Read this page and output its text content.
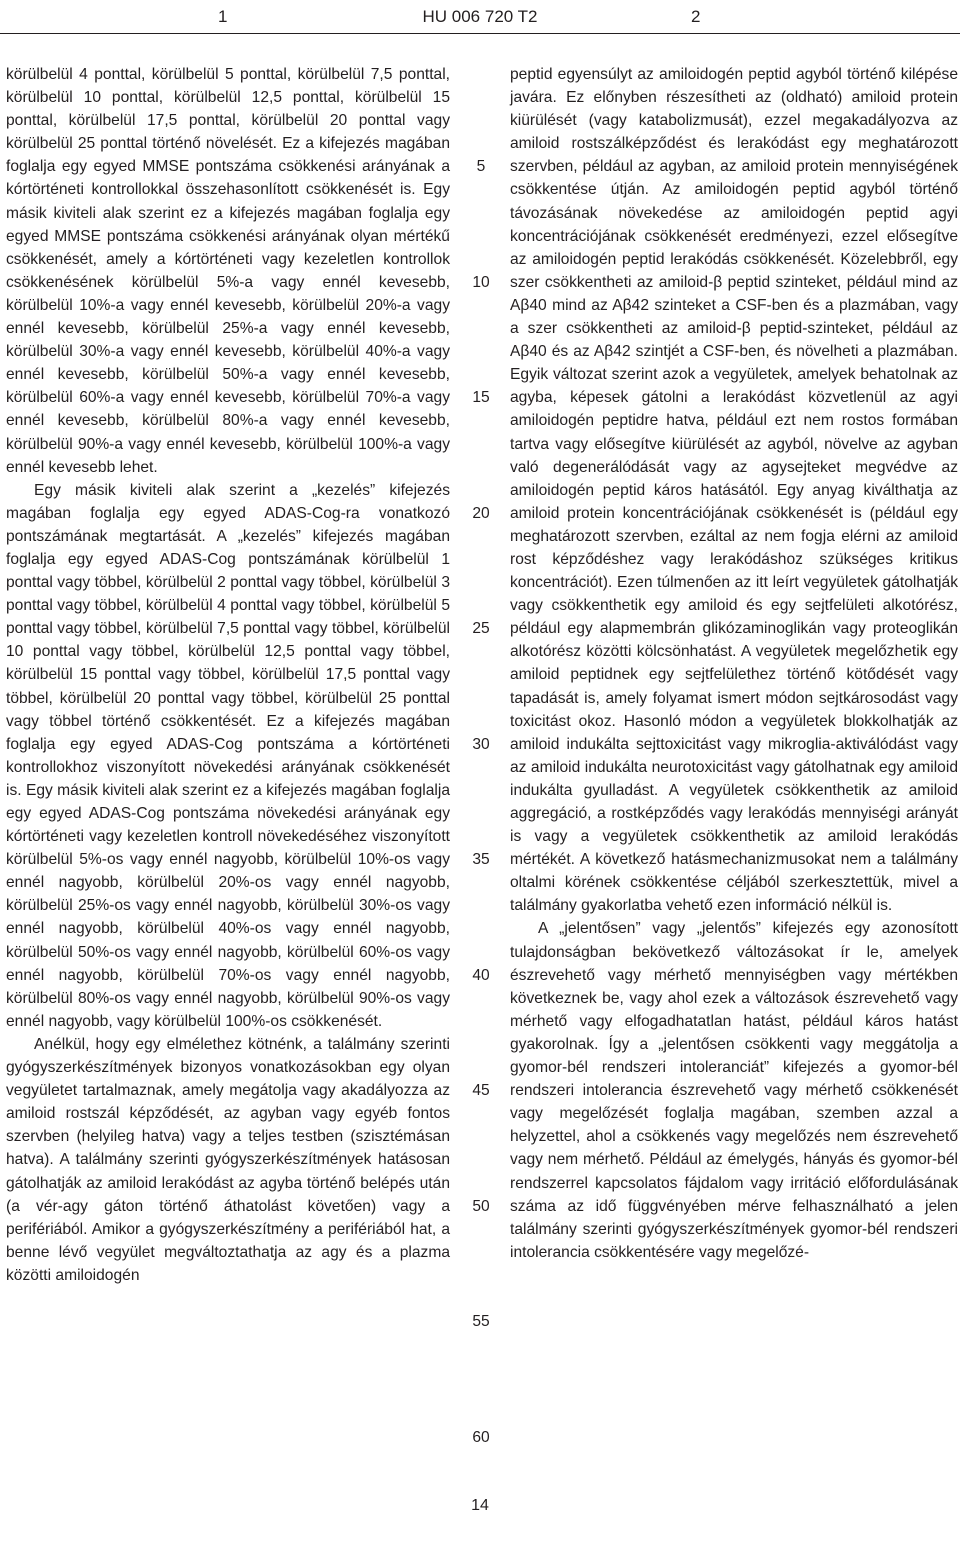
1	HU 006 720 T2	2

körülbelül 4 ponttal, körülbelül 5 ponttal, körülbelül 7,5 ponttal, körülbelül 10 ponttal, körülbelül 12,5 ponttal, körülbelül 15 ponttal, körülbelül 17,5 ponttal, körülbelül 20 ponttal vagy körülbelül 25 ponttal történő növelését. Ez a kifejezés magában foglalja egy egyed MMSE pontszáma csökkenési arányának a kórtörténeti kontrollokkal összehasonlított csökkenését is. Egy másik kiviteli alak szerint ez a kifejezés magában foglalja egy egyed MMSE pontszáma csökkenési arányának olyan mértékű csökkenését, amely a kórtörténeti vagy kezeletlen kontrollok csökkenésének körülbelül 5%-a vagy ennél kevesebb, körülbelül 10%-a vagy ennél kevesebb, körülbelül 20%-a vagy ennél kevesebb, körülbelül 25%-a vagy ennél kevesebb, körülbelül 30%-a vagy ennél kevesebb, körülbelül 40%-a vagy ennél kevesebb, körülbelül 50%-a vagy ennél kevesebb, körülbelül 60%-a vagy ennél kevesebb, körülbelül 70%-a vagy ennél kevesebb, körülbelül 80%-a vagy ennél kevesebb, körülbelül 90%-a vagy ennél kevesebb, körülbelül 100%-a vagy ennél kevesebb lehet.

Egy másik kiviteli alak szerint a „kezelés” kifejezés magában foglalja egy egyed ADAS-Cog-ra vonatkozó pontszámának megtartását. A „kezelés” kifejezés magában foglalja egy egyed ADAS-Cog pontszámának körülbelül 1 ponttal vagy többel, körülbelül 2 ponttal vagy többel, körülbelül 3 ponttal vagy többel, körülbelül 4 ponttal vagy többel, körülbelül 5 ponttal vagy többel, körülbelül 7,5 ponttal vagy többel, körülbelül 10 ponttal vagy többel, körülbelül 12,5 ponttal vagy többel, körülbelül 15 ponttal vagy többel, körülbelül 17,5 ponttal vagy többel, körülbelül 20 ponttal vagy többel, körülbelül 25 ponttal vagy többel történő csökkentését. Ez a kifejezés magában foglalja egy egyed ADAS-Cog pontszáma a kórtörténeti kontrollokhoz viszonyított növekedési arányának csökkenését is. Egy másik kiviteli alak szerint ez a kifejezés magában foglalja egy egyed ADAS-Cog pontszáma növekedési arányának egy kórtörténeti vagy kezeletlen kontroll növekedéséhez viszonyított körülbelül 5%-os vagy ennél nagyobb, körülbelül 10%-os vagy ennél nagyobb, körülbelül 20%-os vagy ennél nagyobb, körülbelül 25%-os vagy ennél nagyobb, körülbelül 30%-os vagy ennél nagyobb, körülbelül 40%-os vagy ennél nagyobb, körülbelül 50%-os vagy ennél nagyobb, körülbelül 60%-os vagy ennél nagyobb, körülbelül 70%-os vagy ennél nagyobb, körülbelül 80%-os vagy ennél nagyobb, körülbelül 90%-os vagy ennél nagyobb, vagy körülbelül 100%-os csökkenését.

Anélkül, hogy egy elmélethez kötnénk, a találmány szerinti gyógyszerkészítmények bizonyos vonatkozásokban egy olyan vegyületet tartalmaznak, amely megátolja vagy akadályozza az amiloid rostszál képződését, az agyban vagy egyéb fontos szervben (helyileg hatva) vagy a teljes testben (szisztémásan hatva). A találmány szerinti gyógyszerkészítmények hatásosan gátolhatják az amiloid lerakódást az agyba történő belépés után (a vér-agy gáton történő áthatolást követően) vagy a perifériából. Amikor a gyógyszerkészítmény a perifériából hat, a benne lévő vegyület megváltoztathatja az agy és a plazma közötti amiloidogén

5
10
15
20
25
30
35
40
45
50
55
60

peptid egyensúlyt az amiloidogén peptid agyból történő kilépése javára. Ez előnyben részesítheti az (oldható) amiloid protein kiürülését (vagy katabolizmusát), ezzel megakadályozva az amiloid rostszálképződést és lerakódást egy meghatározott szervben, például az agyban, az amiloid protein mennyiségének csökkentése útján. Az amiloidogén peptid agyból történő távozásának növekedése az amiloidogén peptid agyi koncentrációjának csökkenését eredményezi, ezzel elősegítve az amiloidogén peptid lerakódás csökkenését. Közelebbről, egy szer csökkentheti az amiloid-β peptid szinteket, például mind az Aβ40 mind az Aβ42 szinteket a CSF-ben és a plazmában, vagy a szer csökkentheti az amiloid-β peptid-szinteket, például az Aβ40 és az Aβ42 szintjét a CSF-ben, és növelheti a plazmában. Egyik változat szerint azok a vegyületek, amelyek behatolnak az agyba, képesek gátolni a lerakódást közvetlenül az agyi amiloidogén peptidre hatva, például ezt nem rostos formában tartva vagy elősegítve kiürülését az agyból, növelve az agyban való degenerálódását vagy az agysejteket megvédve az amiloidogén peptid káros hatásától. Egy anyag kiválthatja az amiloid protein koncentrációjának csökkenését is (például egy meghatározott szervben, ezáltal az nem fogja elérni az amiloid rost képződéshez vagy lerakódáshoz szükséges kritikus koncentrációt). Ezen túlmenően az itt leírt vegyületek gátolhatják vagy csökkenthetik egy amiloid és egy sejtfelületi alkotórész, például egy alapmembrán glikózaminoglikán vagy proteoglikán alkotórész közötti kölcsönhatást. A vegyületek megelőzhetik egy amiloid peptidnek egy sejtfelülethez történő kötődését vagy tapadását is, amely folyamat ismert módon sejtkárosodást vagy toxicitást okoz. Hasonló módon a vegyületek blokkolhatják az amiloid indukálta sejttoxicitást vagy mikroglia-aktiválódást vagy az amiloid indukálta neurotoxicitást vagy gátolhatnak egy amiloid indukálta gyulladást. A vegyületek csökkenthetik az amiloid aggregáció, a rostképződés vagy lerakódás mennyiségi arányát is vagy a vegyületek csökkenthetik az amiloid lerakódás mértékét. A következő hatásmechanizmusokat nem a találmány oltalmi körének csökkentése céljából szerkesztettük, mivel a találmány gyakorlatba vehető ezen információ nélkül is.

A „jelentősen” vagy „jelentős” kifejezés egy azonosított tulajdonságban bekövetkező változásokat ír le, amelyek észrevehető vagy mérhető mennyiségben vagy mértékben következnek be, vagy ahol ezek a változások észrevehető vagy mérhető vagy elfogadhatatlan hatást, például káros hatást gyakorolnak. Így a „jelentősen csökkenti vagy meggátolja a gyomor-bél rendszeri intoleranciát” kifejezés a gyomor-bél rendszeri intolerancia észrevehető vagy mérhető csökkenését vagy megelőzését foglalja magában, szemben azzal a helyzettel, ahol a csökkenés vagy megelőzés nem észrevehető vagy nem mérhető. Például az émelygés, hányás és gyomor-bél rendszerrel kapcsolatos fájdalom vagy irritáció előfordulásának száma az idő függvényében mérve felhasználható a jelen találmány szerinti gyógyszerkészítmények gyomor-bél rendszeri intolerancia csökkentésére vagy megelőzé-

14
